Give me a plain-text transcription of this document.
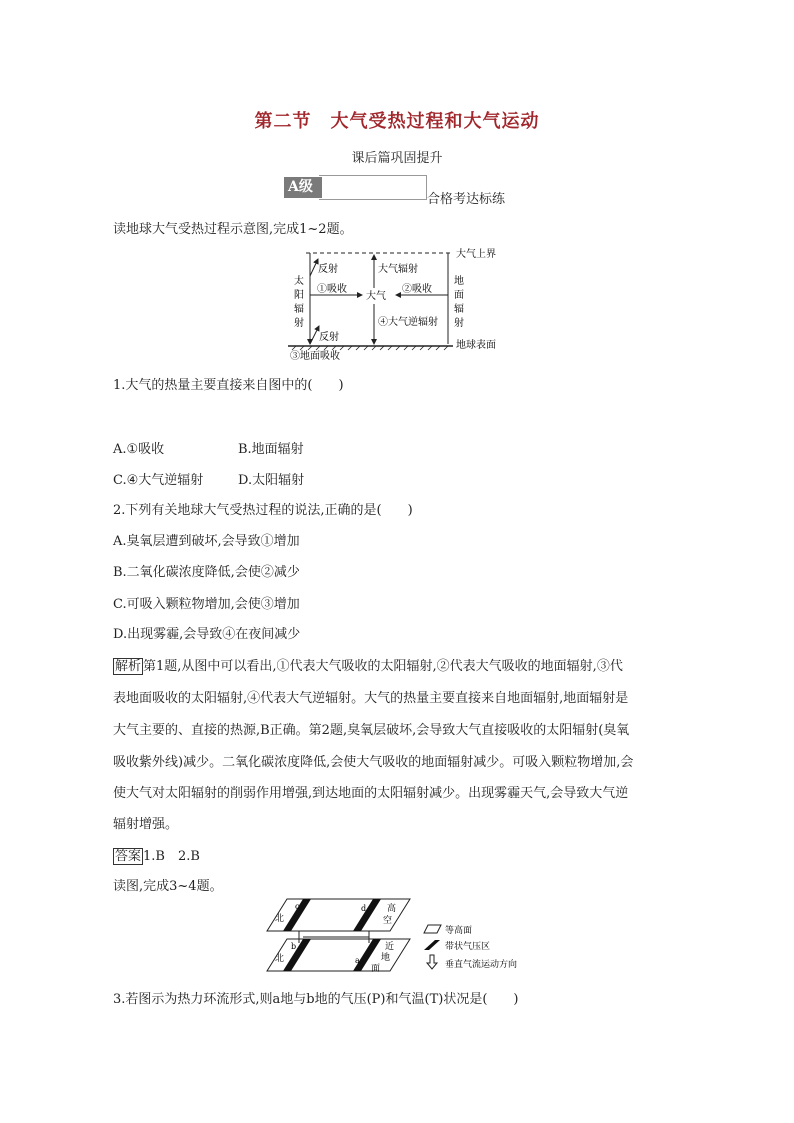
第二节　大气受热过程和大气运动
课后篇巩固提升
A级
合格考达标练
读地球大气受热过程示意图,完成1~2题。
大气上界
地球表面
太
阳
辐
射
反射
反射
①吸收
大气
大气辐射
④大气逆辐射
②吸收
地
面
辐
射
③地面吸收
1.大气的热量主要直接来自图中的(　　)
A.①吸收	B.地面辐射
C.④大气逆辐射	D.太阳辐射
2.下列有关地球大气受热过程的说法,正确的是(　　)
A.臭氧层遭到破坏,会导致①增加
B.二氧化碳浓度降低,会使②减少
C.可吸入颗粒物增加,会使③增加
D.出现雾霾,会导致④在夜间减少
解析 第1题,从图中可以看出,①代表大气吸收的太阳辐射,②代表大气吸收的地面辐射,③代
表地面吸收的太阳辐射,④代表大气逆辐射。大气的热量主要直接来自地面辐射,地面辐射是
大气主要的、直接的热源,B正确。第2题,臭氧层破坏,会导致大气直接吸收的太阳辐射(臭氧
吸收紫外线)减少。二氧化碳浓度降低,会使大气吸收的地面辐射减少。可吸入颗粒物增加,会
使大气对太阳辐射的削弱作用增强,到达地面的太阳辐射减少。出现雾霾天气,会导致大气逆
辐射增强。
答案 1.B　2.B
读图,完成3~4题。
北
北
c	d
b
a
高
空
近
地
面
等高面
带状气压区
垂直气流运动方向
3.若图示为热力环流形式,则a地与b地的气压(P)和气温(T)状况是(　　)
